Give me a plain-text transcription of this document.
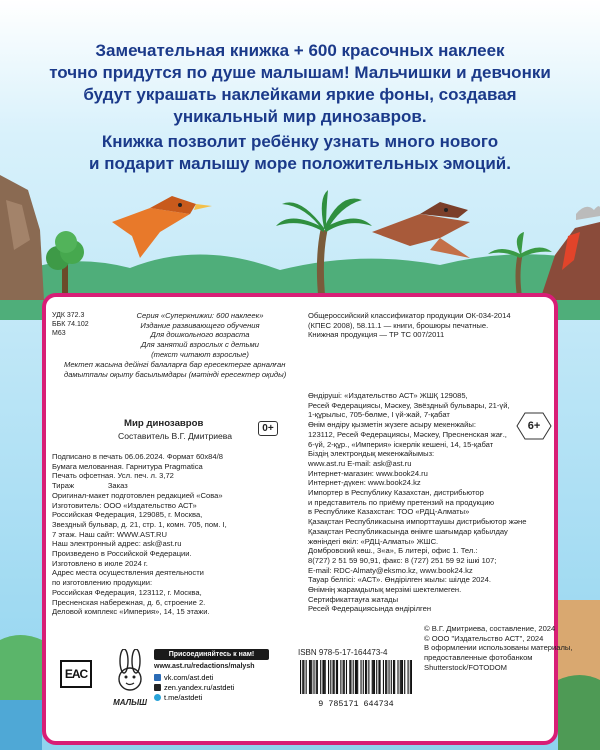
Замечательная книжка + 600 красочных наклеек

точно придутся по душе малышам! Мальчишки и девчонки

будут украшать наклейками яркие фоны, создавая

уникальный мир динозавров.

Книжка позволит ребёнку узнать много нового

и подарит малышу море положительных эмоций.

УДК 372.3
ББК 74.102
М63
Серия «Суперкнижки: 600 наклеек»
Издание развивающего обучения
Для дошкольного возраста
Для занятий взрослых с детьми
(текст читают взрослые)
Мектеп жасына дейінгі балаларға бар ересектерге арналған
дамытпалы оқыту басылымдары (мәтінді ересектер оқиды)
Общероссийский классификатор продукции ОК-034-2014
(КПЕС 2008), 58.11.1 — книги, брошюры печатные.
Книжная продукция — ТР ТС 007/2011
Мир динозавров
Составитель В.Г. Дмитриева
0+
Подписано в печать 06.06.2024. Формат 60х84/8
Бумага мелованная. Гарнитура Pragmatica
Печать офсетная. Усл. печ. л. 3,72
Тираж                Заказ
Оригинал-макет подготовлен редакцией «Сова»
Изготовитель: ООО «Издательство АСТ»
Российская Федерация, 129085, г. Москва,
Звездный бульвар, д. 21, стр. 1, комн. 705, пом. I,
7 этаж. Наш сайт: WWW.AST.RU
Наш электронный адрес: ask@ast.ru
Произведено в Российской Федерации.
Изготовлено в июле 2024 г.
Адрес места осуществления деятельности
по изготовлению продукции:
Российская Федерация, 123112, г. Москва,
Пресненская набережная, д. 6, строение 2.
Деловой комплекс «Империя», 14, 15 этажи.
Өндіруші: «Издательство АСТ» ЖШҚ 129085,
Ресей Федерациясы, Мәскеу, Звёздный бульвары, 21-үй,
1-құрылыс, 705-бөлме, I үй-жай, 7-қабат
Өнім өндіру қызметін жүзеге асыру мекенжайы:
123112, Ресей Федерациясы, Мәскеу, Пресненская жағ.,
6-үй, 2-құр., «Империя» іскерлік кешені, 14, 15-қабат
Біздің электрондық мекенжайымыз:
www.ast.ru E-mail: ask@ast.ru
Интернет-магазин: www.book24.ru
Интернет-дүкен: www.book24.kz
Импортер в Республику Казахстан, дистрибьютор
и представитель по приёму претензий на продукцию
в Республике Казахстан: ТОО «РДЦ-Алматы»
Қазақстан Республикасына импорттаушы дистрибьютор және
Қазақстан Республикасында өнімге шағымдар қабылдау
жөніндегі өкіл: «РДЦ-Алматы» ЖШС.
Домбровский көш., 3«а», Б литері, офис 1. Тел.:
8(727) 2 51 59 90,91, факс: 8 (727) 251 59 92 ішкі 107;
E-mail: RDC-Almaty@eksmo.kz, www.book24.kz
Тауар белгісі: «АСТ». Өндірілген жылы: шілде 2024.
Өнімнің жарамдылық мерзімі шектелмеген.
Сертификаттауға жатады
Ресей Федерациясында өндірілген
6+
EAC
МАЛЫШ
Присоединяйтесь к нам!
www.ast.ru/redactions/malysh
vk.com/ast.deti
zen.yandex.ru/astdeti
t.me/astdeti
ISBN 978-5-17-164473-4
9 785171 644734
© В.Г. Дмитриева, составление, 2024
© ООО "Издательство АСТ", 2024
В оформлении использованы материалы,
предоставленные фотобанком
Shutterstock/FOTODOM
